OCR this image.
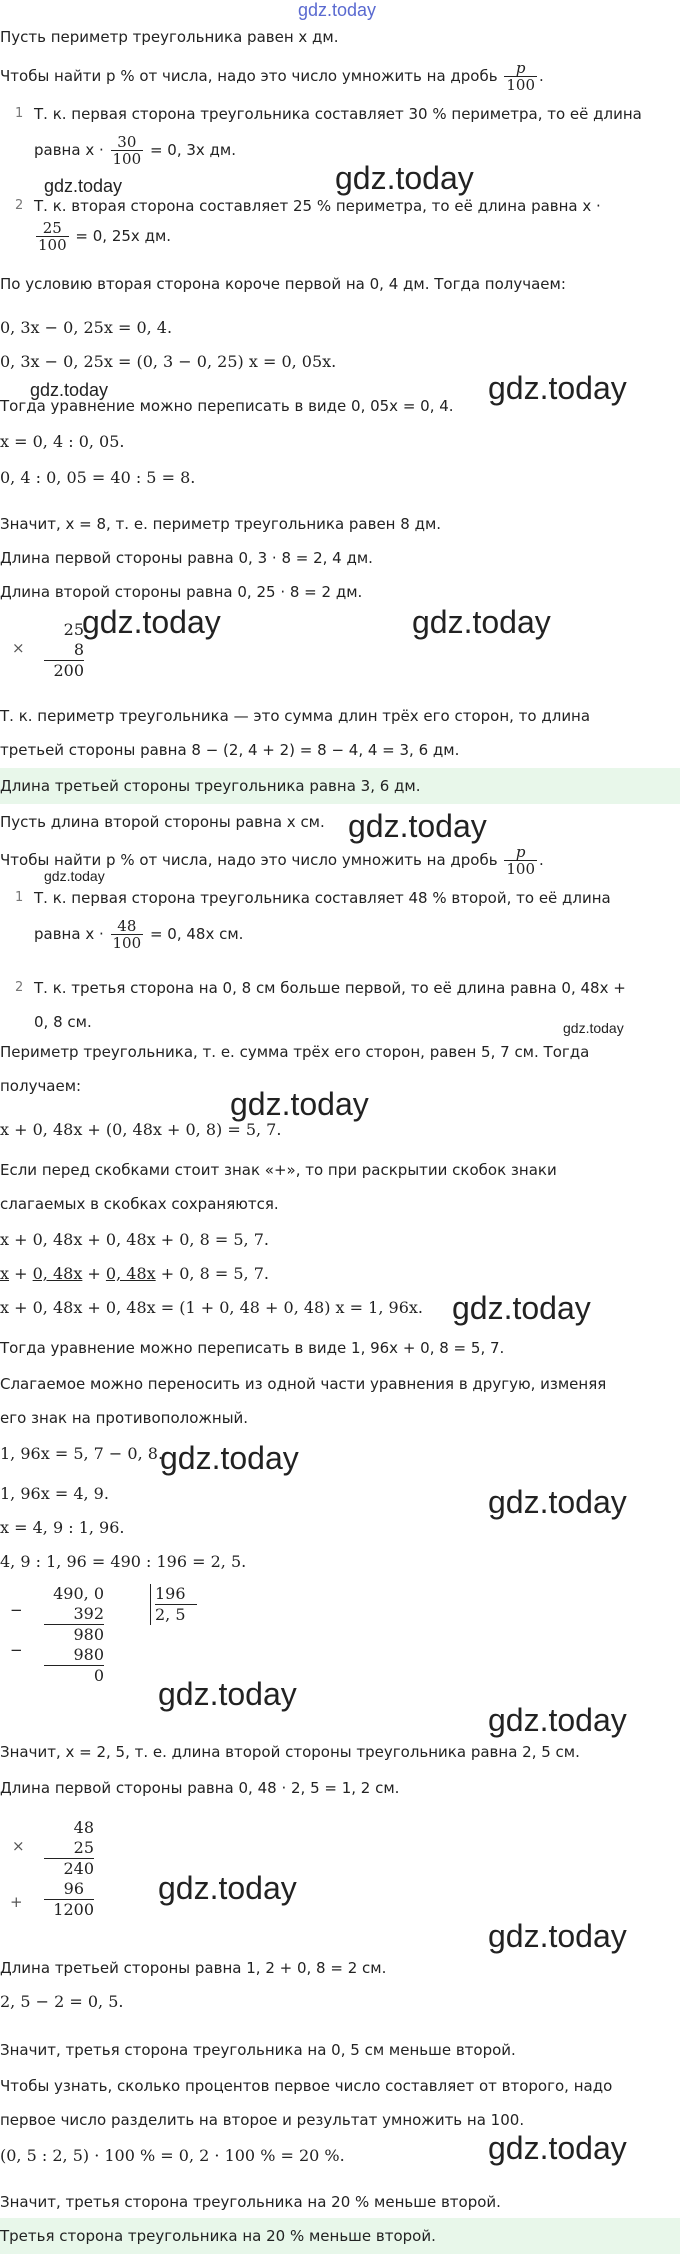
gdz.today
Пусть периметр треугольника равен x дм.
Чтобы найти p % от числа, надо это число умножить на дробь $\frac{p}{100}$ .
1 Т. к. первая сторона треугольника составляет 30 % периметра, то её длина
равна $x \cdot \frac{30}{100} = 0$, 3x дм.
gdz.today	gdz.today
2 Т. к. вторая сторона составляет 25 % периметра, то её длина равна x ·
$\frac{25}{100} = 0$, 25x дм.
По условию вторая сторона короче первой на 0, 4 дм. Тогда получаем:
0, 3x − 0, 25x = 0, 4.
0, 3x − 0, 25x = (0, 3 − 0, 25) x = 0, 05x.
gdz.today	gdz.today
Тогда уравнение можно переписать в виде 0, 05x = 0, 4.
x = 0, 4 : 0, 05.
0, 4 : 0, 05 = 40 : 5 = 8.
Значит, x = 8, т. е. периметр треугольника равен 8 дм.
Длина первой стороны равна 0, 3 · 8 = 2, 4 дм.
Длина второй стороны равна 0, 25 · 8 = 2 дм.
×
25
8
200
gdz.today	gdz.today
Т. к. периметр треугольника — это сумма длин трёх его сторон, то длина
третьей стороны равна 8 − (2, 4 + 2) = 8 − 4, 4 = 3, 6 дм.
Длина третьей стороны треугольника равна 3, 6 дм.
Пусть длина второй стороны равна x см. gdz.today
Чтобы найти p % от числа, надо это число умножить на дробь $\frac{p}{100}$ .
gdz.today
1 Т. к. первая сторона треугольника составляет 48 % второй, то её длина
равна $x \cdot \frac{48}{100} = 0$, 48x см.
2 Т. к. третья сторона на 0, 8 см больше первой, то её длина равна 0, 48x +
0, 8 см.	gdz.today
Периметр треугольника, т. е. сумма трёх его сторон, равен 5, 7 см. Тогда
получаем:	gdz.today
x + 0, 48x + (0, 48x + 0, 8) = 5, 7.
Если перед скобками стоит знак «+», то при раскрытии скобок знаки
слагаемых в скобках сохраняются.
x + 0, 48x + 0, 48x + 0, 8 = 5, 7.
x + 0, 48x + 0, 48x + 0, 8 = 5, 7.
x + 0, 48x + 0, 48x = (1 + 0, 48 + 0, 48) x = 1, 96x. gdz.today
Тогда уравнение можно переписать в виде 1, 96x + 0, 8 = 5, 7.
Слагаемое можно переносить из одной части уравнения в другую, изменяя
его знак на противоположный.
1, 96x = 5, 7 − 0, 8.
gdz.today
1, 96x = 4, 9.	gdz.today
x = 4, 9 : 1, 96.
4, 9 : 1, 96 = 490 : 196 = 2, 5.
−
−
490, 0
392
980
980
0
196
2, 5
gdz.today
gdz.today
Значит, x = 2, 5, т. е. длина второй стороны треугольника равна 2, 5 см.
Длина первой стороны равна 0, 48 · 2, 5 = 1, 2 см.
×
+
48
25
240
96
1200
gdz.today
gdz.today
Длина третьей стороны равна 1, 2 + 0, 8 = 2 см.
2, 5 − 2 = 0, 5.
Значит, третья сторона треугольника на 0, 5 см меньше второй.
Чтобы узнать, сколько процентов первое число составляет от второго, надо
первое число разделить на второе и результат умножить на 100.
(0, 5 : 2, 5) · 100 % = 0, 2 · 100 % = 20 %.	gdz.today
Значит, третья сторона треугольника на 20 % меньше второй.
Третья сторона треугольника на 20 % меньше второй.
